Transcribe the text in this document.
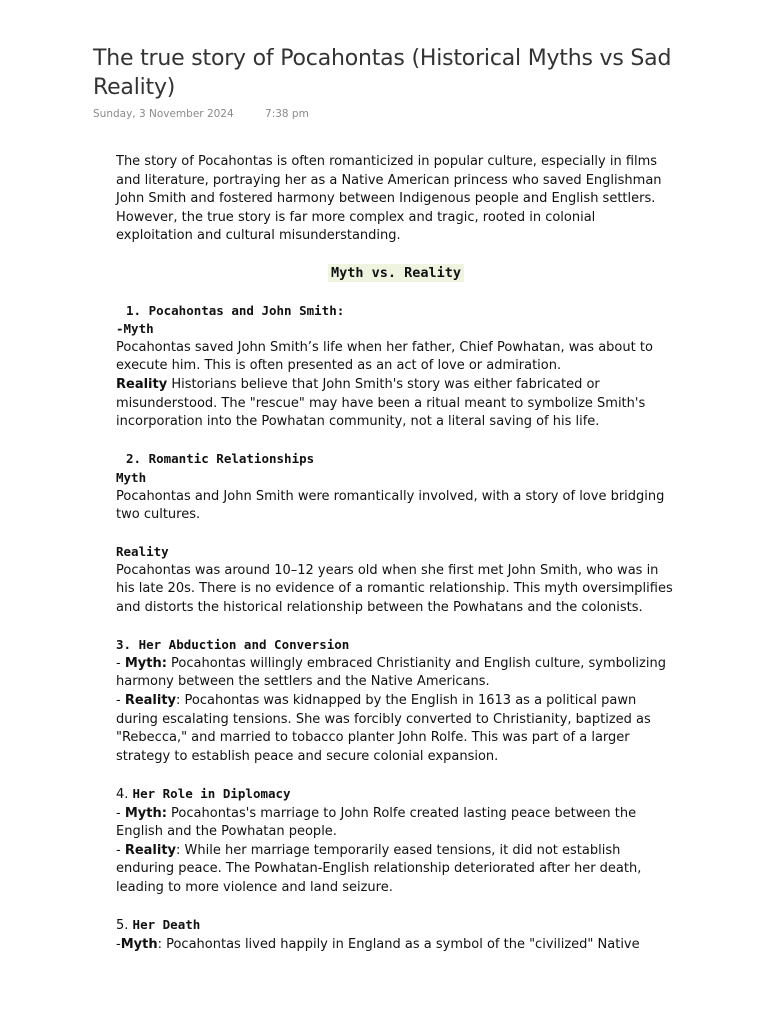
The true story of Pocahontas (Historical Myths vs Sad Reality)
Sunday, 3 November 2024	7:38 pm

The story of Pocahontas is often romanticized in popular culture, especially in films and literature, portraying her as a Native American princess who saved Englishman John Smith and fostered harmony between Indigenous people and English settlers. However, the true story is far more complex and tragic, rooted in colonial exploitation and cultural misunderstanding.

Myth vs. Reality

1. Pocahontas and John Smith:

-Myth

Pocahontas saved John Smith’s life when her father, Chief Powhatan, was about to execute him. This is often presented as an act of love or admiration.

Reality Historians believe that John Smith's story was either fabricated or misunderstood. The "rescue" may have been a ritual meant to symbolize Smith's incorporation into the Powhatan community, not a literal saving of his life.

2. Romantic Relationships

Myth

Pocahontas and John Smith were romantically involved, with a story of love bridging two cultures.

Reality

Pocahontas was around 10–12 years old when she first met John Smith, who was in his late 20s. There is no evidence of a romantic relationship. This myth oversimplifies and distorts the historical relationship between the Powhatans and the colonists.

3. Her Abduction and Conversion

- Myth: Pocahontas willingly embraced Christianity and English culture, symbolizing harmony between the settlers and the Native Americans.

- Reality: Pocahontas was kidnapped by the English in 1613 as a political pawn during escalating tensions. She was forcibly converted to Christianity, baptized as "Rebecca," and married to tobacco planter John Rolfe. This was part of a larger strategy to establish peace and secure colonial expansion.

4. Her Role in Diplomacy

- Myth: Pocahontas's marriage to John Rolfe created lasting peace between the English and the Powhatan people.

- Reality: While her marriage temporarily eased tensions, it did not establish enduring peace. The Powhatan-English relationship deteriorated after her death, leading to more violence and land seizure.

5. Her Death

-Myth: Pocahontas lived happily in England as a symbol of the "civilized" Native
